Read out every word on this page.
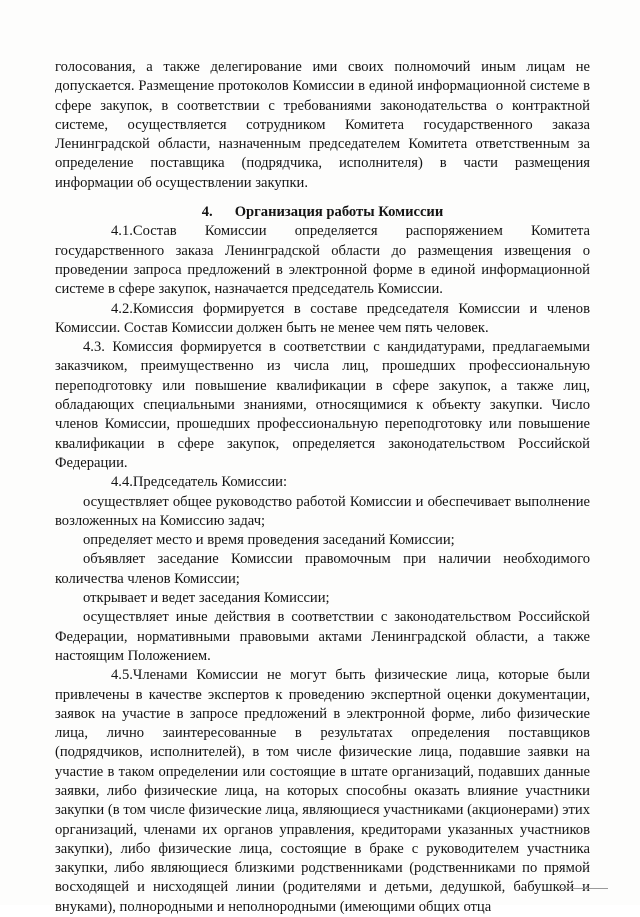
голосования, а также делегирование ими своих полномочий иным лицам не допускается. Размещение протоколов Комиссии в единой информационной системе в сфере закупок, в соответствии с требованиями законодательства о контрактной системе, осуществляется сотрудником Комитета государственного заказа Ленинградской области, назначенным председателем Комитета ответственным за определение поставщика (подрядчика, исполнителя) в части размещения информации об осуществлении закупки.

4. Организация работы Комиссии

4.1.Состав Комиссии определяется распоряжением Комитета государственного заказа Ленинградской области до размещения извещения о проведении запроса предложений в электронной форме в единой информационной системе в сфере закупок, назначается председатель Комиссии.

4.2.Комиссия формируется в составе председателя Комиссии и членов Комиссии. Состав Комиссии должен быть не менее чем пять человек.

4.3. Комиссия формируется в соответствии с кандидатурами, предлагаемыми заказчиком, преимущественно из числа лиц, прошедших профессиональную переподготовку или повышение квалификации в сфере закупок, а также лиц, обладающих специальными знаниями, относящимися к объекту закупки. Число членов Комиссии, прошедших профессиональную переподготовку или повышение квалификации в сфере закупок, определяется законодательством Российской Федерации.

4.4.Председатель Комиссии:

осуществляет общее руководство работой Комиссии и обеспечивает выполнение возложенных на Комиссию задач;

определяет место и время проведения заседаний Комиссии;

объявляет заседание Комиссии правомочным при наличии необходимого количества членов Комиссии;

открывает и ведет заседания Комиссии;

осуществляет иные действия в соответствии с законодательством Российской Федерации, нормативными правовыми актами Ленинградской области, а также настоящим Положением.

4.5.Членами Комиссии не могут быть физические лица, которые были привлечены в качестве экспертов к проведению экспертной оценки документации, заявок на участие в запросе предложений в электронной форме, либо физические лица, лично заинтересованные в результатах определения поставщиков (подрядчиков, исполнителей), в том числе физические лица, подавшие заявки на участие в таком определении или состоящие в штате организаций, подавших данные заявки, либо физические лица, на которых способны оказать влияние участники закупки (в том числе физические лица, являющиеся участниками (акционерами) этих организаций, членами их органов управления, кредиторами указанных участников закупки), либо физические лица, состоящие в браке с руководителем участника закупки, либо являющиеся близкими родственниками (родственниками по прямой восходящей и нисходящей линии (родителями и детьми, дедушкой, бабушкой и внуками), полнородными и неполнородными (имеющими общих отца
